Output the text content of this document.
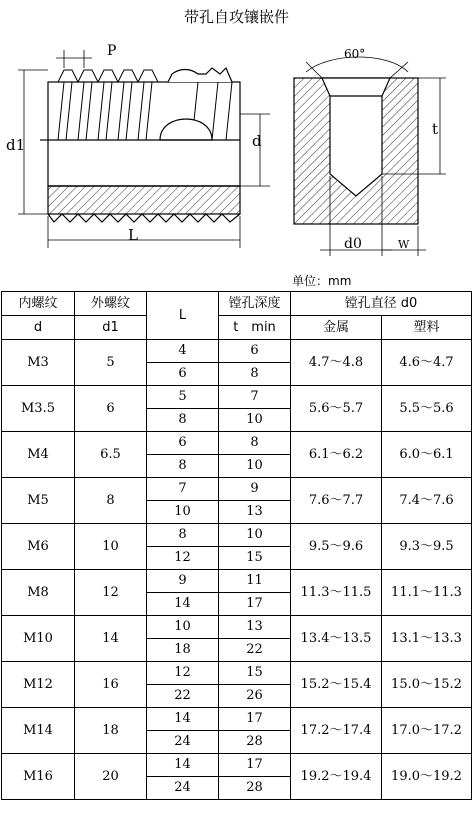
带孔自攻镶嵌件
d1
P
d
L
60°
t
d0	W
单位：mm
内螺纹	外螺纹	L	镗孔深度	镗孔直径 d0	
d	d1		t　min	金属	塑料
M3	5	4	6	4.7～4.8	4.6～4.7
		6	8		
M3.5	6	5	7	5.6～5.7	5.5～5.6
		8	10		
M4	6.5	6	8	6.1～6.2	6.0～6.1
		8	10		
M5	8	7	9	7.6～7.7	7.4～7.6
		10	13		
M6	10	8	10	9.5～9.6	9.3～9.5
		12	15		
M8	12	9	11	11.3～11.5	11.1～11.3
		14	17		
M10	14	10	13	13.4～13.5	13.1～13.3
		18	22		
M12	16	12	15	15.2～15.4	15.0～15.2
		22	26		
M14	18	14	17	17.2～17.4	17.0～17.2
		24	28		
M16	20	14	17	19.2～19.4	19.0～19.2
		24	28		
